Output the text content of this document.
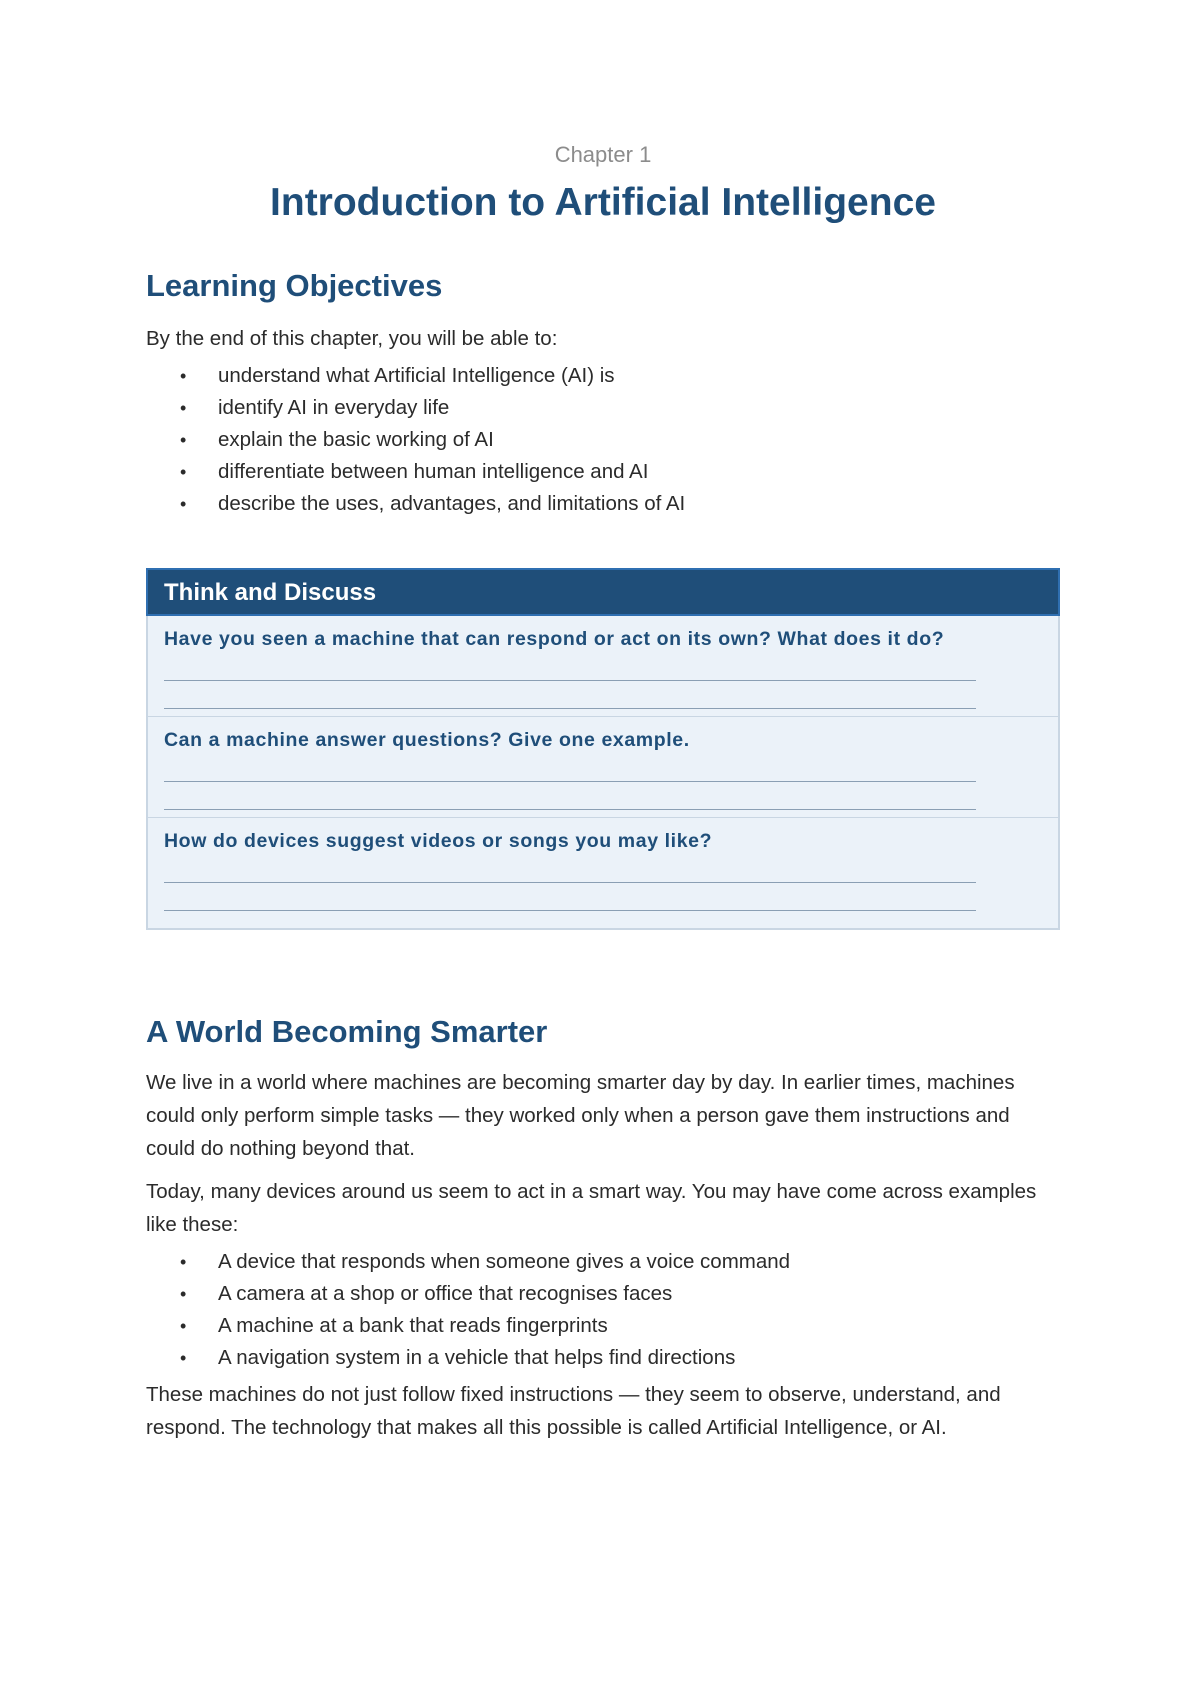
Chapter 1

Introduction to Artificial Intelligence
Learning Objectives

By the end of this chapter, you will be able to:

• understand what Artificial Intelligence (AI) is
• identify AI in everyday life
• explain the basic working of AI
• differentiate between human intelligence and AI
• describe the uses, advantages, and limitations of AI
Think and Discuss

Have you seen a machine that can respond or act on its own? What does it do?

Can a machine answer questions? Give one example.

How do devices suggest videos or songs you may like?

A World Becoming Smarter

We live in a world where machines are becoming smarter day by day. In earlier times, machines could only perform simple tasks — they worked only when a person gave them instructions and could do nothing beyond that.

Today, many devices around us seem to act in a smart way. You may have come across examples like these:

• A device that responds when someone gives a voice command
• A camera at a shop or office that recognises faces
• A machine at a bank that reads fingerprints
• A navigation system in a vehicle that helps find directions

These machines do not just follow fixed instructions — they seem to observe, understand, and respond. The technology that makes all this possible is called Artificial Intelligence, or AI.
